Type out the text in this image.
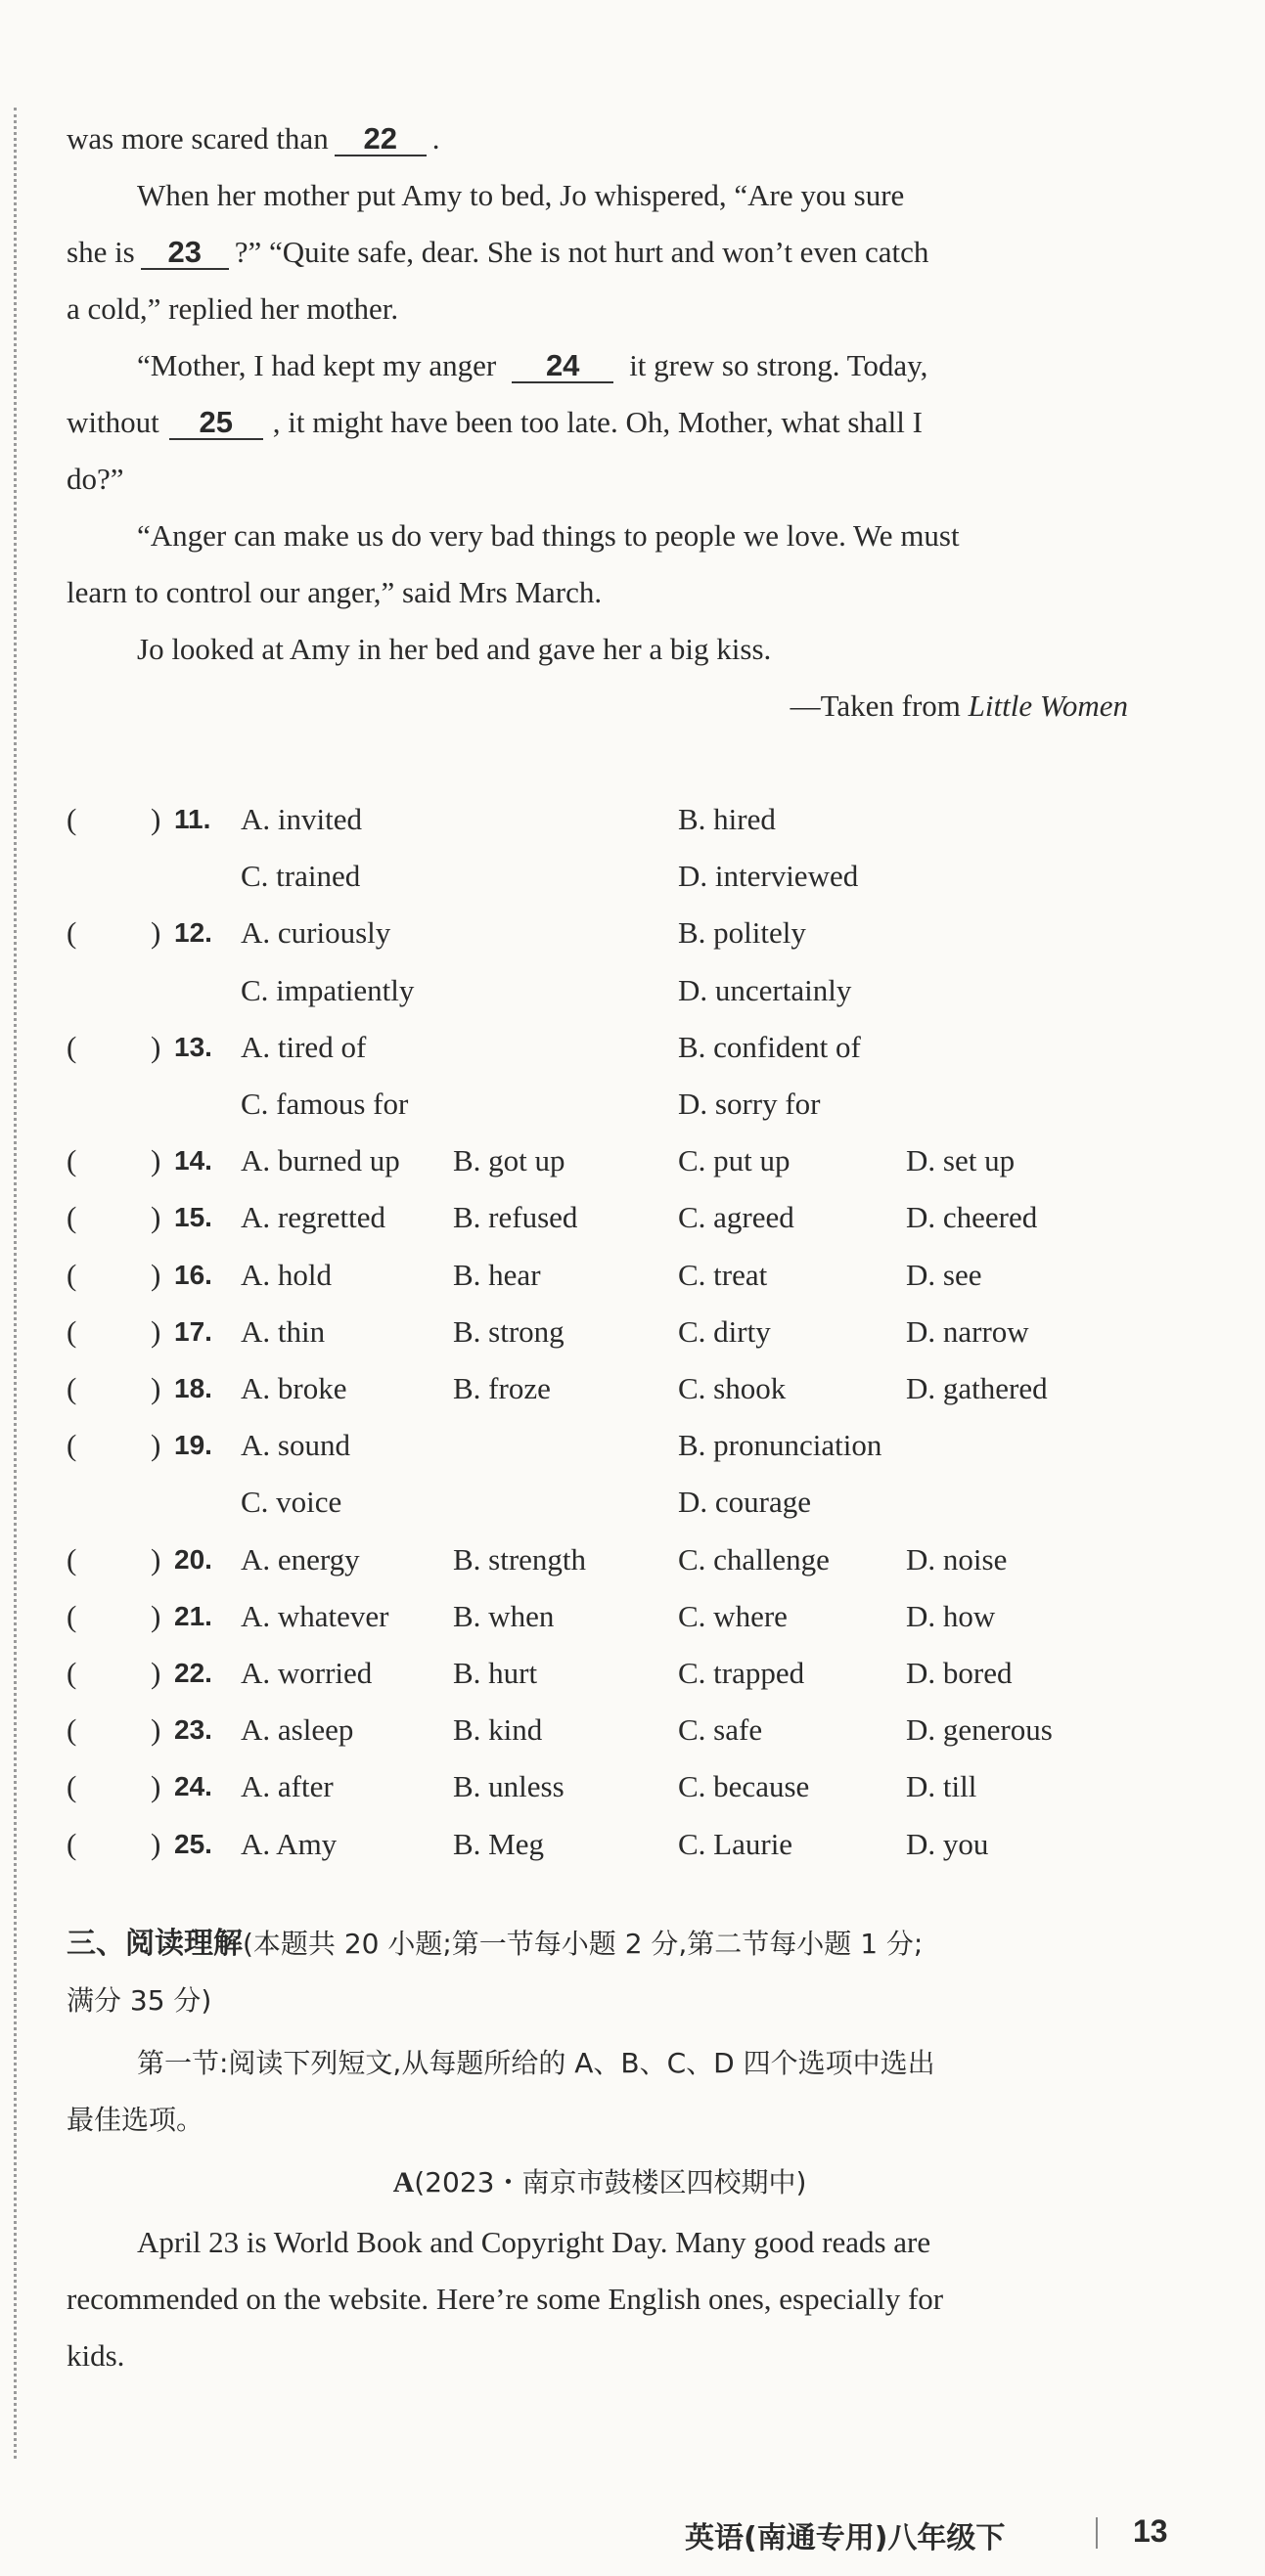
was more scared than 22 .
When her mother put Amy to bed, Jo whispered, “Are you sure
she is 23 ?” “Quite safe, dear. She is not hurt and won’t even catch
a cold,” replied her mother.
“Mother, I had kept my anger 24 it grew so strong. Today,
without 25 , it might have been too late. Oh, Mother, what shall I
do?”
“Anger can make us do very bad things to people we love. We must
learn to control our anger,” said Mrs March.
Jo looked at Amy in her bed and gave her a big kiss.
—Taken from Little Women
( ) 11. A. invited	B. hired
C. trained	D. interviewed
( ) 12. A. curiously	B. politely
C. impatiently	D. uncertainly
( ) 13. A. tired of	B. confident of
C. famous for	D. sorry for
( ) 14. A. burned up B. got up	C. put up	D. set up
( ) 15. A. regretted B. refused	C. agreed	D. cheered
( ) 16. A. hold	B. hear	C. treat	D. see
( ) 17. A. thin	B. strong	C. dirty	D. narrow
( ) 18. A. broke	B. froze	C. shook	D. gathered
( ) 19. A. sound	B. pronunciation
C. voice	D. courage
( ) 20. A. energy	B. strength	C. challenge	D. noise
( ) 21. A. whatever B. when	C. where	D. how
( ) 22. A. worried	B. hurt	C. trapped	D. bored
( ) 23. A. asleep	B. kind	C. safe	D. generous
( ) 24. A. after	B. unless	C. because	D. till
( ) 25. A. Amy	B. Meg	C. Laurie	D. you
三、阅读理解(本题共 20 小题;第一节每小题 2 分,第二节每小题 1 分;
满分 35 分)
第一节:阅读下列短文,从每题所给的 A、B、C、D 四个选项中选出
最佳选项。
A(2023・南京市鼓楼区四校期中)
April 23 is World Book and Copyright Day. Many good reads are
recommended on the website. Here’re some English ones, especially for
kids.
英语(南通专用)八年级下	13
